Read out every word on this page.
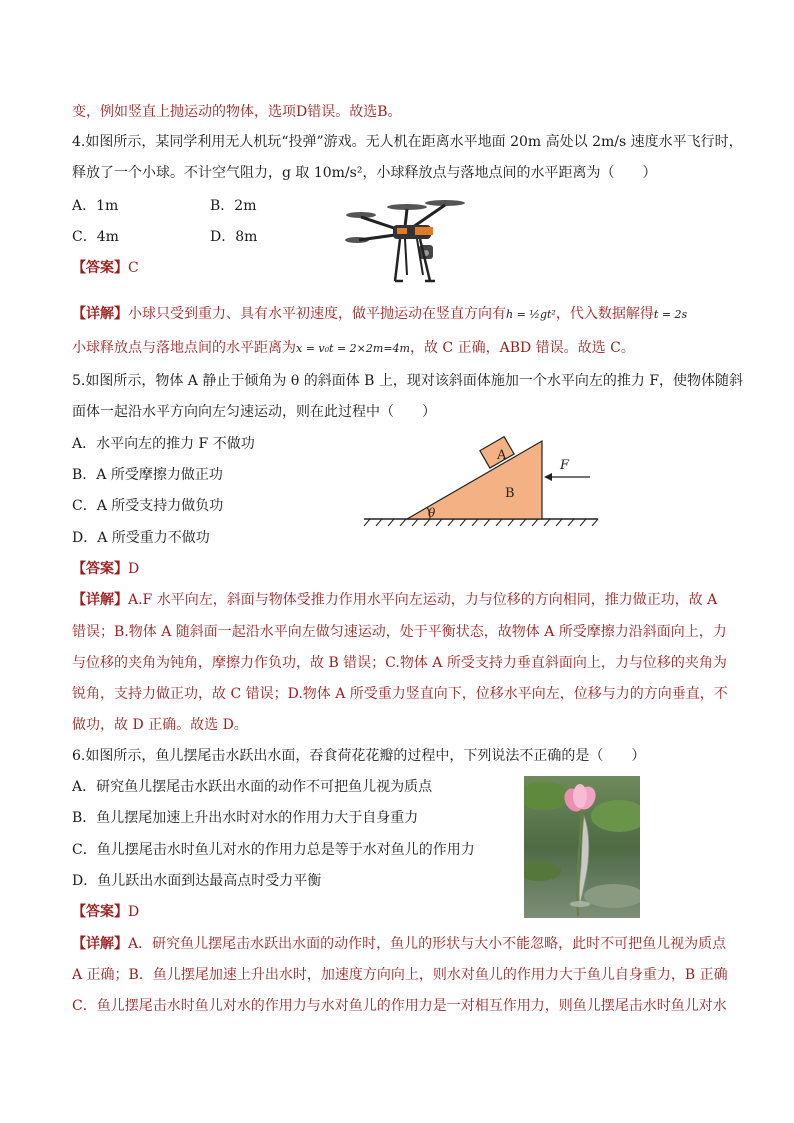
变，例如竖直上抛运动的物体，选项D错误。故选B。
4.如图所示，某同学利用无人机玩“投弹”游戏。无人机在距离水平地面 20m 高处以 2m/s 速度水平飞行时，
释放了一个小球。不计空气阻力，g 取 10m/s²，小球释放点与落地点间的水平距离为（　　）
A．1m	B．2m
C．4m	D．8m
【答案】C
【详解】小球只受到重力、具有水平初速度，做平抛运动在竖直方向有h = ½gt²，代入数据解得t = 2s
小球释放点与落地点间的水平距离为x = v₀t = 2×2m=4m，故 C 正确，ABD 错误。故选 C。
5.如图所示，物体 A 静止于倾角为 θ 的斜面体 B 上，现对该斜面体施加一个水平向左的推力 F，使物体随斜
面体一起沿水平方向向左匀速运动，则在此过程中（　　）
A．水平向左的推力 F 不做功
B．A 所受摩擦力做正功
C．A 所受支持力做负功
D．A 所受重力不做功
A
B
θ
F
【答案】D
【详解】A.F 水平向左，斜面与物体受推力作用水平向左运动，力与位移的方向相同，推力做正功，故 A
错误；B.物体 A 随斜面一起沿水平向左做匀速运动，处于平衡状态，故物体 A 所受摩擦力沿斜面向上，力
与位移的夹角为钝角，摩擦力作负功，故 B 错误；C.物体 A 所受支持力垂直斜面向上，力与位移的夹角为
锐角，支持力做正功，故 C 错误；D.物体 A 所受重力竖直向下，位移水平向左，位移与力的方向垂直，不
做功，故 D 正确。故选 D。
6.如图所示，鱼儿摆尾击水跃出水面，吞食荷花花瓣的过程中，下列说法不正确的是（　　）
A．研究鱼儿摆尾击水跃出水面的动作不可把鱼儿视为质点
B．鱼儿摆尾加速上升出水时对水的作用力大于自身重力
C．鱼儿摆尾击水时鱼儿对水的作用力总是等于水对鱼儿的作用力
D．鱼儿跃出水面到达最高点时受力平衡
【答案】D
【详解】A．研究鱼儿摆尾击水跃出水面的动作时，鱼儿的形状与大小不能忽略，此时不可把鱼儿视为质点
A 正确；B．鱼儿摆尾加速上升出水时，加速度方向向上，则水对鱼儿的作用力大于鱼儿自身重力，B 正确
C．鱼儿摆尾击水时鱼儿对水的作用力与水对鱼儿的作用力是一对相互作用力，则鱼儿摆尾击水时鱼儿对水
